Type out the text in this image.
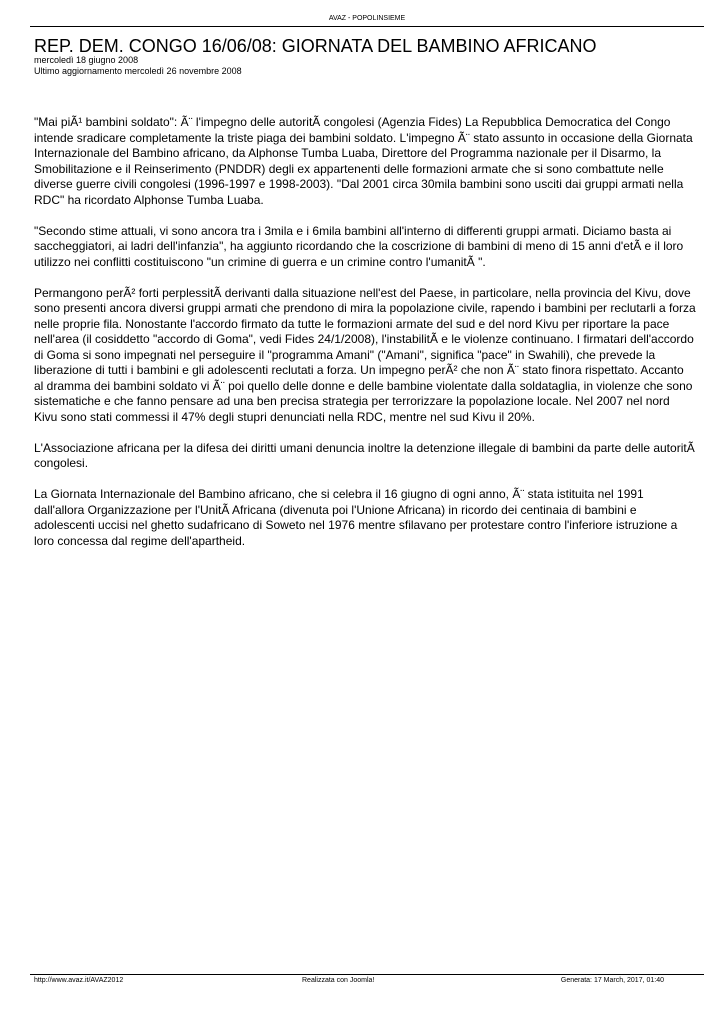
AVAZ - POPOLINSIEME
REP. DEM. CONGO 16/06/08: GIORNATA DEL BAMBINO AFRICANO
mercoledì 18 giugno 2008
Ultimo aggiornamento mercoledì 26 novembre 2008

"Mai piÃ¹ bambini soldato": Ã¨ l'impegno delle autoritÃ congolesi (Agenzia Fides) La Repubblica Democratica del Congo intende sradicare completamente la triste piaga dei bambini soldato. L'impegno Ã¨ stato assunto in occasione della Giornata Internazionale del Bambino africano, da Alphonse Tumba Luaba, Direttore del Programma nazionale per il Disarmo, la Smobilitazione e il Reinserimento (PNDDR) degli ex appartenenti delle formazioni armate che si sono combattute nelle diverse guerre civili congolesi (1996-1997 e 1998-2003). "Dal 2001 circa 30mila bambini sono usciti dai gruppi armati nella RDC" ha ricordato Alphonse Tumba Luaba.

"Secondo stime attuali, vi sono ancora tra i 3mila e i 6mila bambini all'interno di differenti gruppi armati. Diciamo basta ai saccheggiatori, ai ladri dell'infanzia", ha aggiunto ricordando che la coscrizione di bambini di meno di 15 anni d'etÃ e il loro utilizzo nei conflitti costituiscono "un crimine di guerra e un crimine contro l'umanitÃ ".

Permangono perÃ² forti perplessitÃ derivanti dalla situazione nell'est del Paese, in particolare, nella provincia del Kivu, dove sono presenti ancora diversi gruppi armati che prendono di mira la popolazione civile, rapendo i bambini per reclutarli a forza nelle proprie fila. Nonostante l'accordo firmato da tutte le formazioni armate del sud e del nord Kivu per riportare la pace nell'area (il cosiddetto "accordo di Goma", vedi Fides 24/1/2008), l'instabilitÃ e le violenze continuano. I firmatari dell'accordo di Goma si sono impegnati nel perseguire il "programma Amani" ("Amani", significa "pace" in Swahili), che prevede la liberazione di tutti i bambini e gli adolescenti reclutati a forza. Un impegno perÃ² che non Ã¨ stato finora rispettato. Accanto al dramma dei bambini soldato vi Ã¨ poi quello delle donne e delle bambine violentate dalla soldataglia, in violenze che sono sistematiche e che fanno pensare ad una ben precisa strategia per terrorizzare la popolazione locale. Nel 2007 nel nord Kivu sono stati commessi il 47% degli stupri denunciati nella RDC, mentre nel sud Kivu il 20%.

L'Associazione africana per la difesa dei diritti umani denuncia inoltre la detenzione illegale di bambini da parte delle autoritÃ congolesi.

La Giornata Internazionale del Bambino africano, che si celebra il 16 giugno di ogni anno, Ã¨ stata istituita nel 1991 dall'allora Organizzazione per l'UnitÃ Africana (divenuta poi l'Unione Africana) in ricordo dei centinaia di bambini e adolescenti uccisi nel ghetto sudafricano di Soweto nel 1976 mentre sfilavano per protestare contro l'inferiore istruzione a loro concessa dal regime dell'apartheid.

http://www.avaz.it/AVAZ2012	Realizzata con Joomla!	Generata: 17 March, 2017, 01:40
